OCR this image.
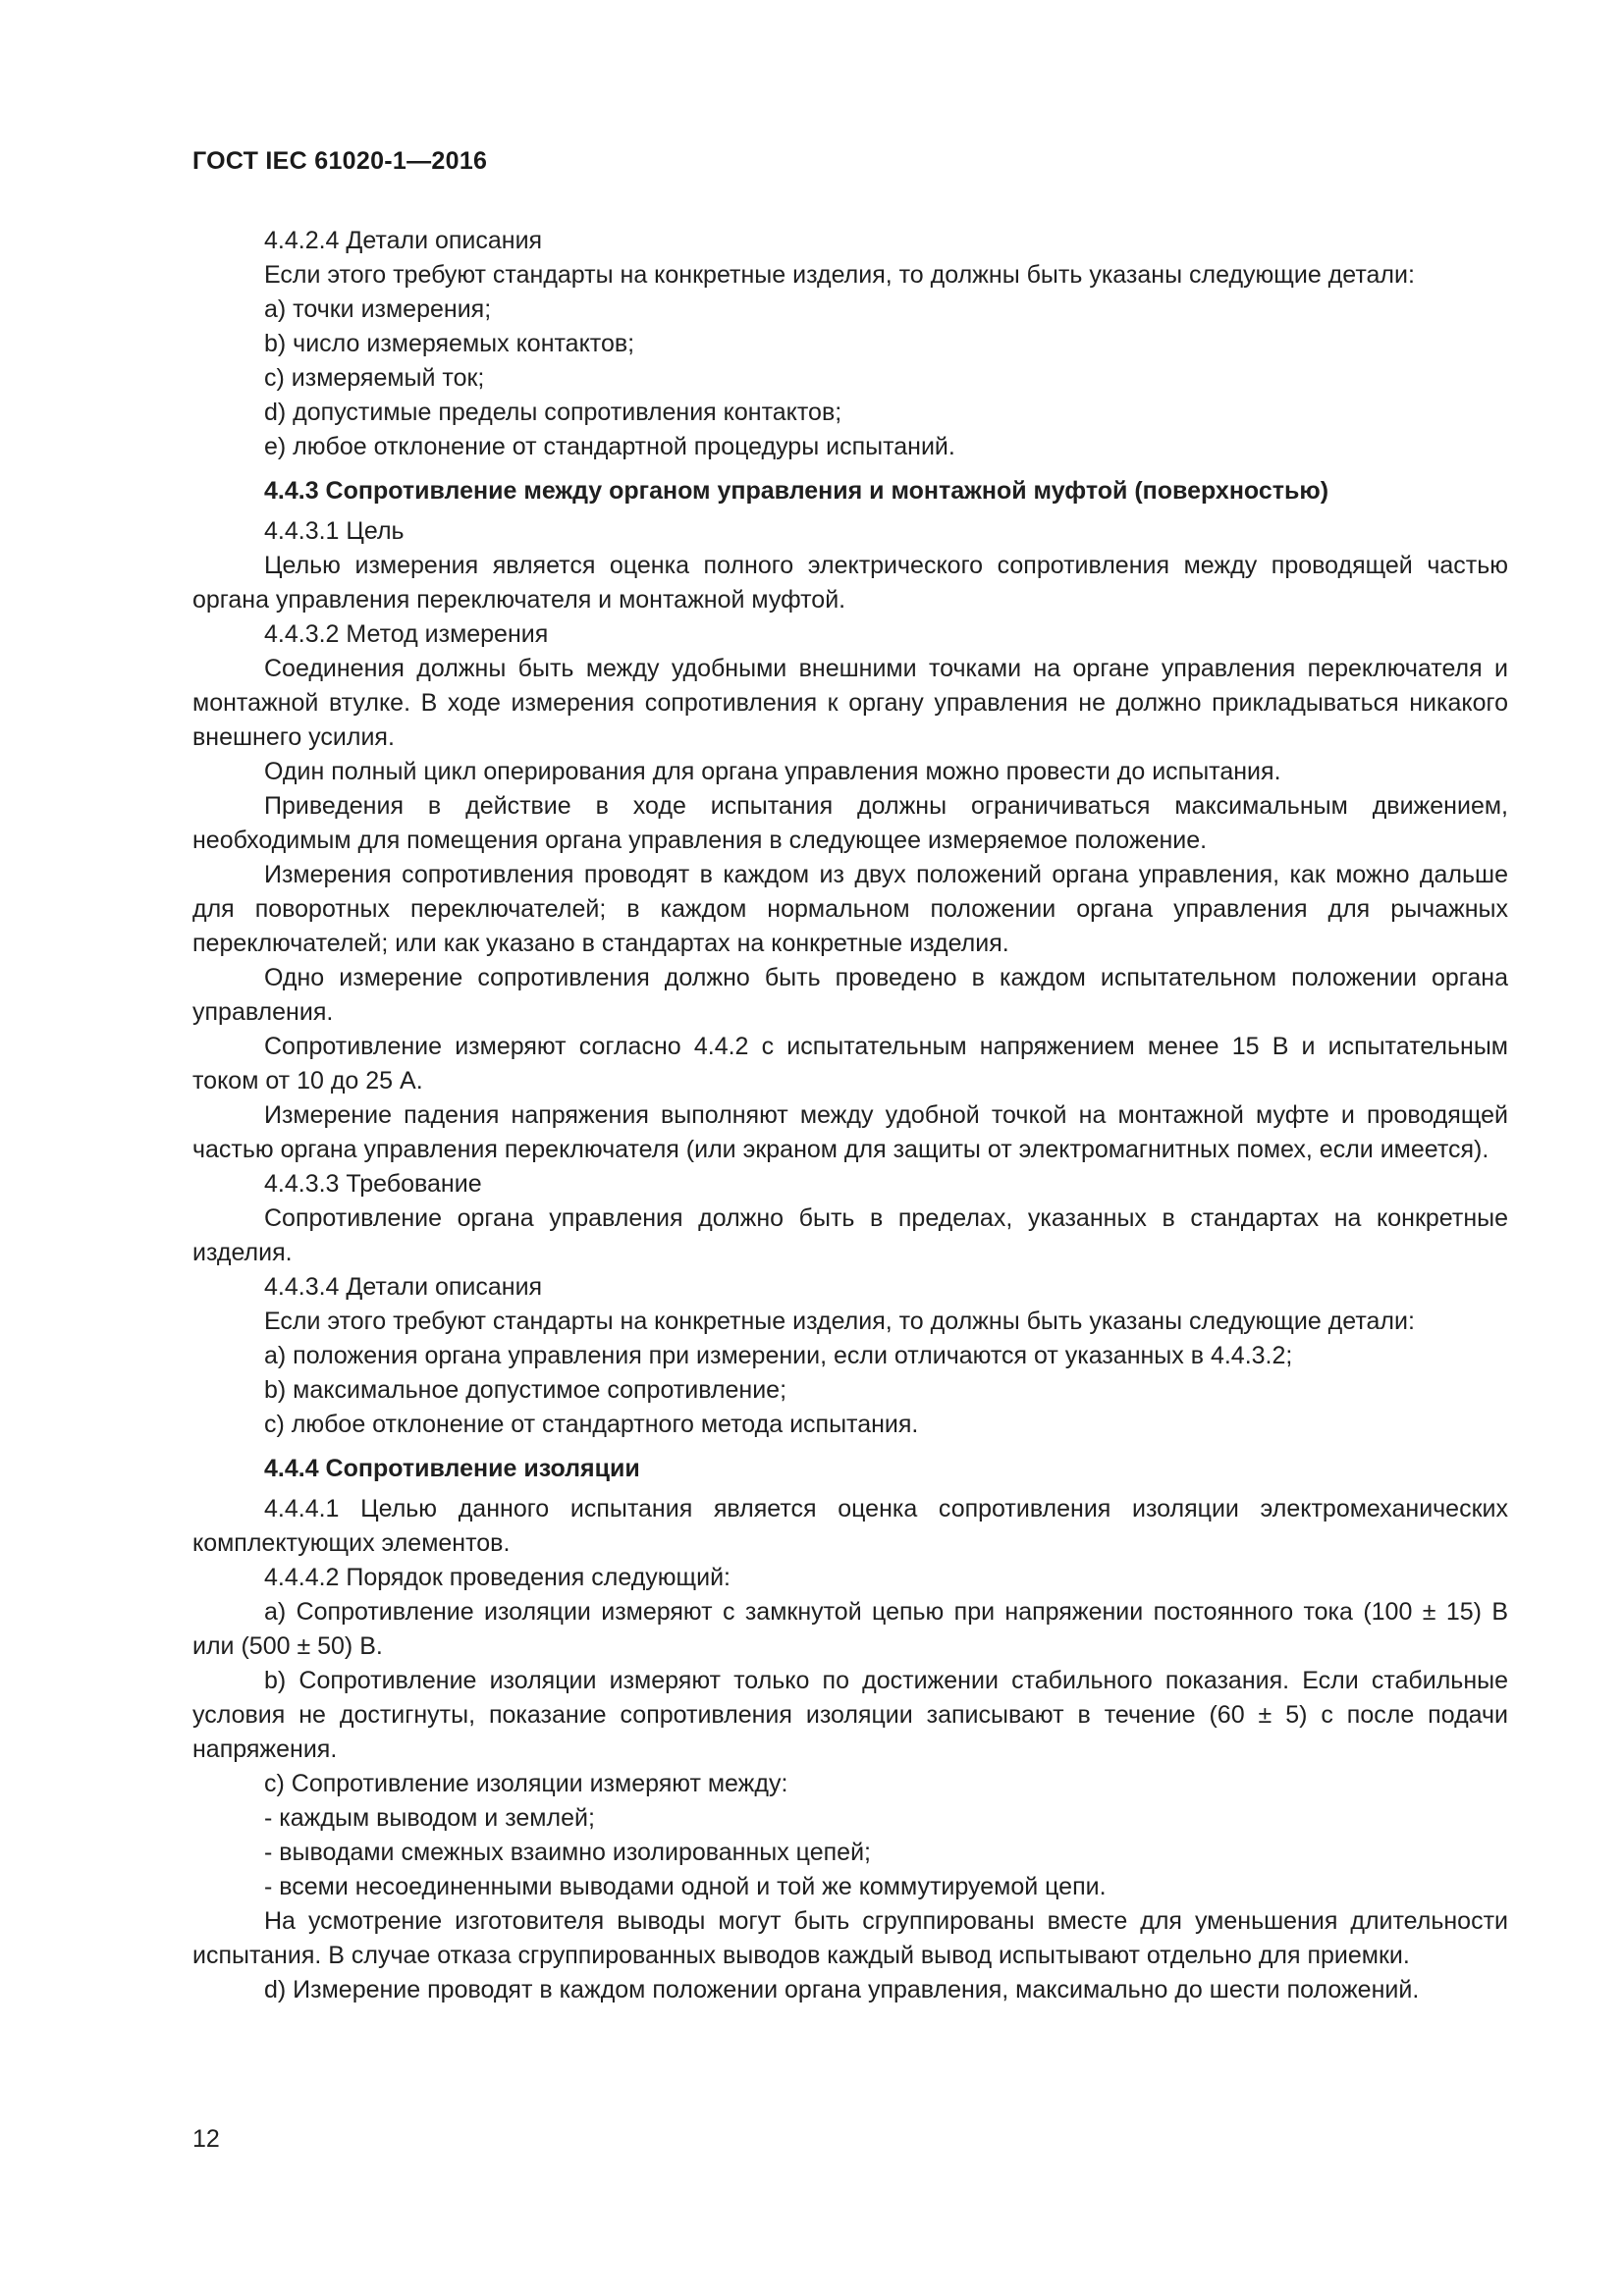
ГОСТ IEC 61020-1—2016

4.4.2.4 Детали описания

Если этого требуют стандарты на конкретные изделия, то должны быть указаны следующие детали:

a) точки измерения;

b) число измеряемых контактов;

c) измеряемый ток;

d) допустимые пределы сопротивления контактов;

e) любое отклонение от стандартной процедуры испытаний.

4.4.3 Сопротивление между органом управления и монтажной муфтой (поверхностью)

4.4.3.1 Цель

Целью измерения является оценка полного электрического сопротивления между проводящей частью органа управления переключателя и монтажной муфтой.

4.4.3.2 Метод измерения

Соединения должны быть между удобными внешними точками на органе управления переключателя и монтажной втулке. В ходе измерения сопротивления к органу управления не должно прикладываться никакого внешнего усилия.

Один полный цикл оперирования для органа управления можно провести до испытания.

Приведения в действие в ходе испытания должны ограничиваться максимальным движением, необходимым для помещения органа управления в следующее измеряемое положение.

Измерения сопротивления проводят в каждом из двух положений органа управления, как можно дальше для поворотных переключателей; в каждом нормальном положении органа управления для рычажных переключателей; или как указано в стандартах на конкретные изделия.

Одно измерение сопротивления должно быть проведено в каждом испытательном положении органа управления.

Сопротивление измеряют согласно 4.4.2 с испытательным напряжением менее 15 В и испытательным током от 10 до 25 А.

Измерение падения напряжения выполняют между удобной точкой на монтажной муфте и проводящей частью органа управления переключателя (или экраном для защиты от электромагнитных помех, если имеется).

4.4.3.3 Требование

Сопротивление органа управления должно быть в пределах, указанных в стандартах на конкретные изделия.

4.4.3.4 Детали описания

Если этого требуют стандарты на конкретные изделия, то должны быть указаны следующие детали:

a) положения органа управления при измерении, если отличаются от указанных в 4.4.3.2;

b) максимальное допустимое сопротивление;

c) любое отклонение от стандартного метода испытания.

4.4.4 Сопротивление изоляции

4.4.4.1 Целью данного испытания является оценка сопротивления изоляции электромеханических комплектующих элементов.

4.4.4.2 Порядок проведения следующий:

a) Сопротивление изоляции измеряют с замкнутой цепью при напряжении постоянного тока (100 ± 15) В или (500 ± 50) В.

b) Сопротивление изоляции измеряют только по достижении стабильного показания. Если стабильные условия не достигнуты, показание сопротивления изоляции записывают в течение (60 ± 5) с после подачи напряжения.

c) Сопротивление изоляции измеряют между:

- каждым выводом и землей;

- выводами смежных взаимно изолированных цепей;

- всеми несоединенными выводами одной и той же коммутируемой цепи.

На усмотрение изготовителя выводы могут быть сгруппированы вместе для уменьшения длительности испытания. В случае отказа сгруппированных выводов каждый вывод испытывают отдельно для приемки.

d) Измерение проводят в каждом положении органа управления, максимально до шести положений.

12
